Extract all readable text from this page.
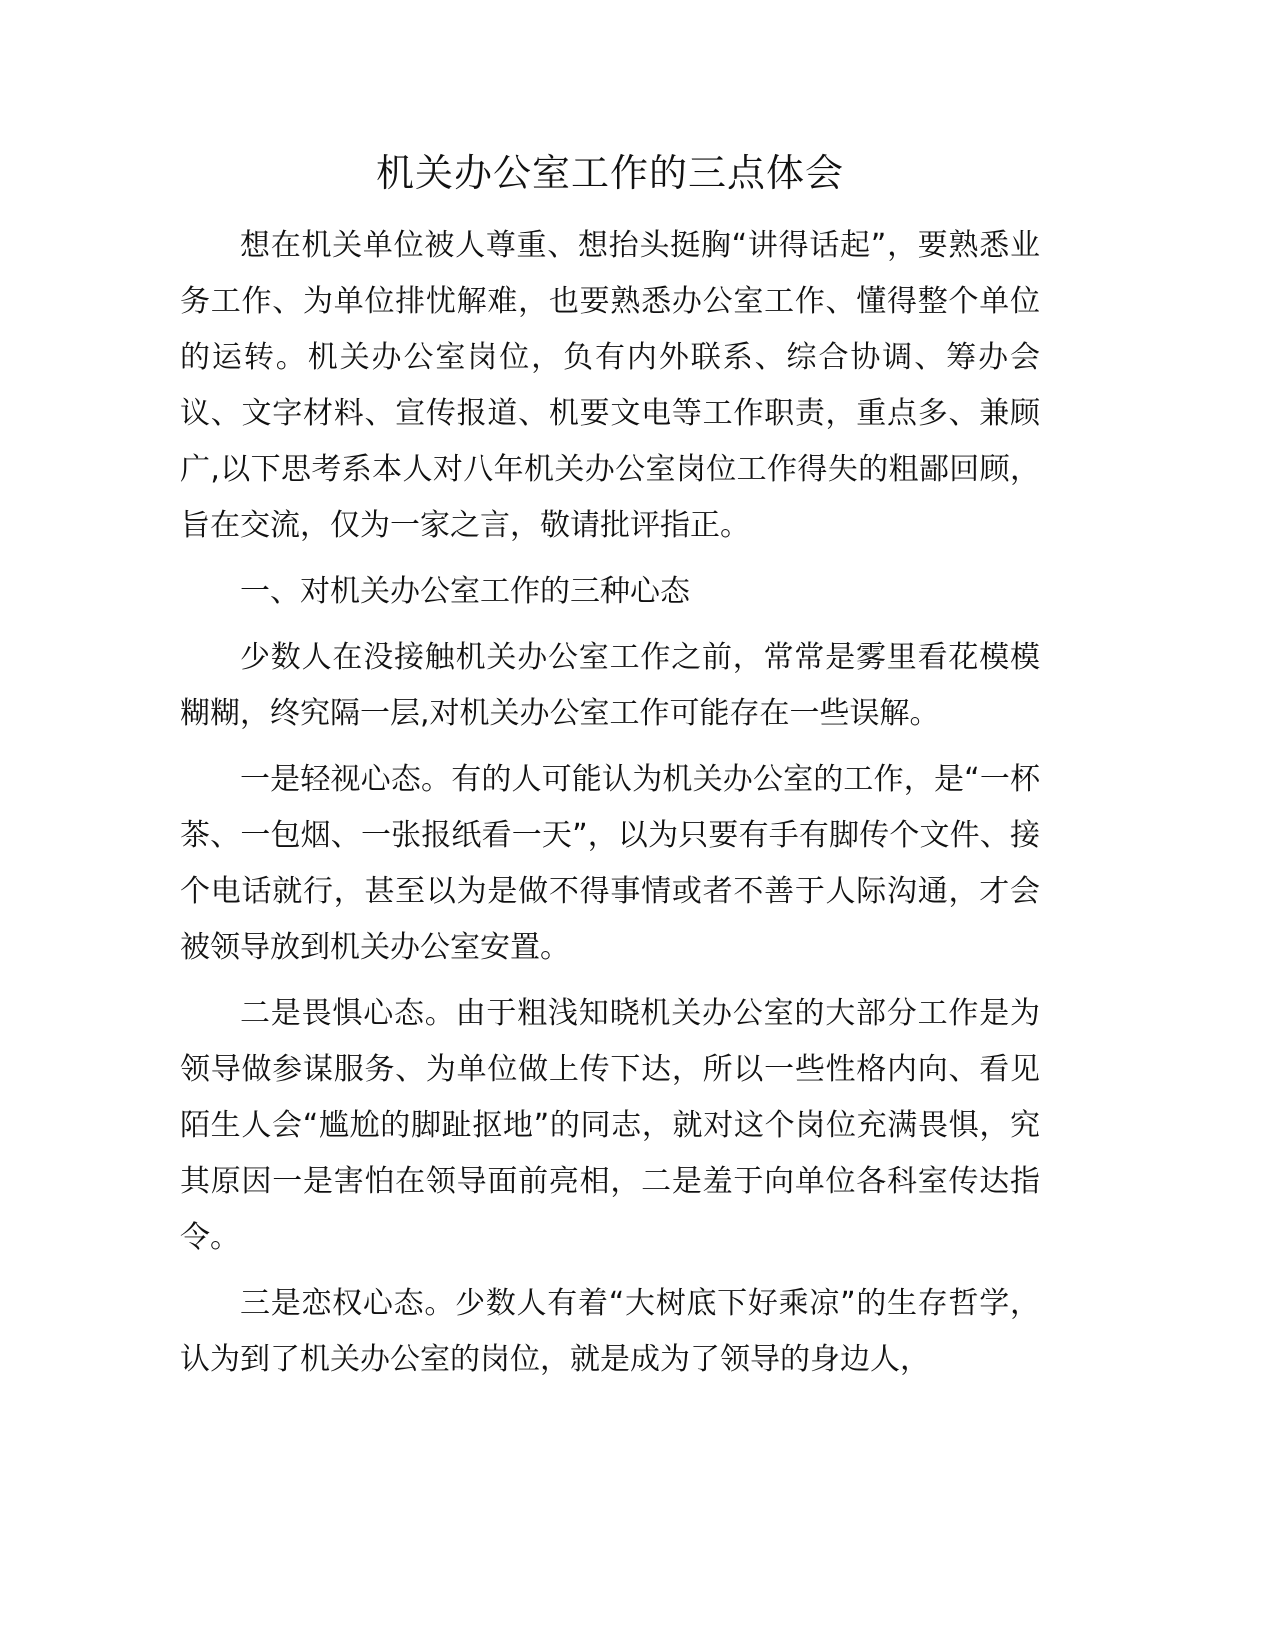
机关办公室工作的三点体会

想在机关单位被人尊重、想抬头挺胸“讲得话起”，要熟悉业务工作、为单位排忧解难，也要熟悉办公室工作、懂得整个单位的运转。机关办公室岗位，负有内外联系、综合协调、筹办会议、文字材料、宣传报道、机要文电等工作职责，重点多、兼顾广,以下思考系本人对八年机关办公室岗位工作得失的粗鄙回顾，旨在交流，仅为一家之言，敬请批评指正。

一、对机关办公室工作的三种心态

少数人在没接触机关办公室工作之前，常常是雾里看花模模糊糊，终究隔一层,对机关办公室工作可能存在一些误解。

一是轻视心态。有的人可能认为机关办公室的工作，是“一杯茶、一包烟、一张报纸看一天”，以为只要有手有脚传个文件、接个电话就行，甚至以为是做不得事情或者不善于人际沟通，才会被领导放到机关办公室安置。

二是畏惧心态。由于粗浅知晓机关办公室的大部分工作是为领导做参谋服务、为单位做上传下达，所以一些性格内向、看见陌生人会“尴尬的脚趾抠地”的同志，就对这个岗位充满畏惧，究其原因一是害怕在领导面前亮相，二是羞于向单位各科室传达指令。

三是恋权心态。少数人有着“大树底下好乘凉”的生存哲学，认为到了机关办公室的岗位，就是成为了领导的身边人，
